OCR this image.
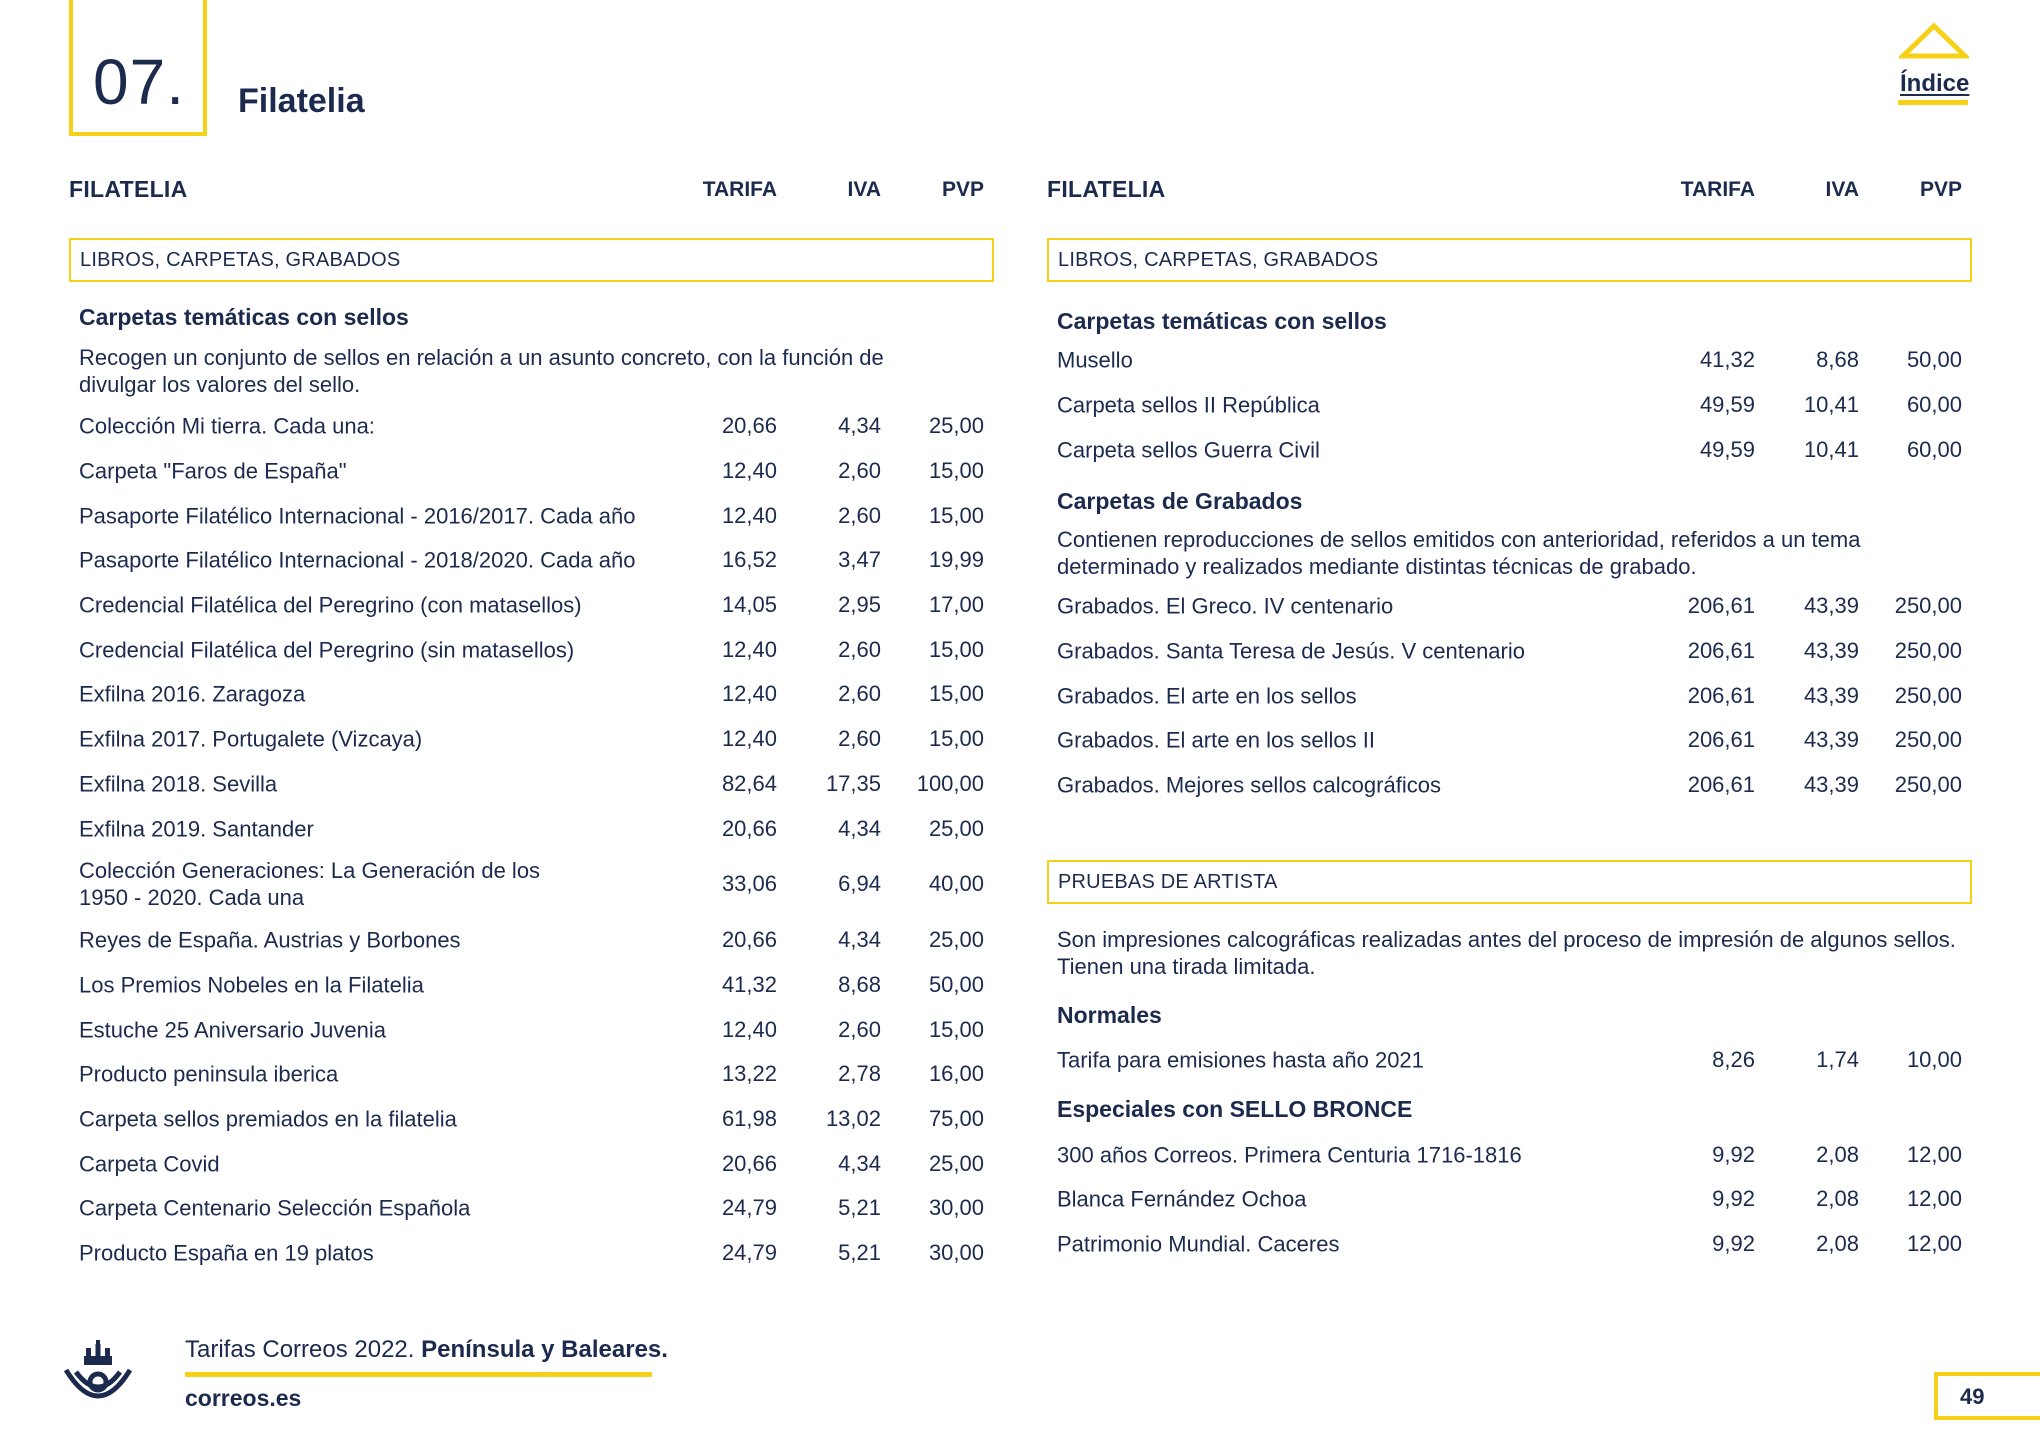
07. Filatelia	Índice
FILATELIA	TARIFA	IVA	PVP
LIBROS, CARPETAS, GRABADOS
Carpetas temáticas con sellos
Recogen un conjunto de sellos en relación a un asunto concreto, con la función de divulgar los valores del sello.
Colección Mi tierra. Cada una:	20,66	4,34 25,00
Carpeta "Faros de España"	12,40	2,60 15,00
Pasaporte Filatélico Internacional - 2016/2017. Cada año	12,40	2,60 15,00
Pasaporte Filatélico Internacional - 2018/2020. Cada año	16,52	3,47 19,99
Credencial Filatélica del Peregrino (con matasellos)	14,05	2,95 17,00
Credencial Filatélica del Peregrino (sin matasellos)	12,40	2,60 15,00
Exfilna 2016. Zaragoza	12,40	2,60 15,00
Exfilna 2017. Portugalete (Vizcaya)	12,40	2,60 15,00
Exfilna 2018. Sevilla	82,64 17,35 100,00
Exfilna 2019. Santander	20,66	4,34 25,00
Colección Generaciones: La Generación de los 1950 - 2020. Cada una
33,06	6,94 40,00
Reyes de España. Austrias y Borbones	20,66	4,34 25,00
Los Premios Nobeles en la Filatelia	41,32	8,68 50,00
Estuche 25 Aniversario Juvenia	12,40	2,60 15,00
Producto peninsula iberica	13,22	2,78 16,00
Carpeta sellos premiados en la filatelia	61,98 13,02 75,00
Carpeta Covid	20,66	4,34 25,00
Carpeta Centenario Selección Española	24,79	5,21 30,00
Producto España en 19 platos	24,79	5,21 30,00
FILATELIA	TARIFA	IVA	PVP
LIBROS, CARPETAS, GRABADOS
Carpetas temáticas con sellos
Musello	41,32	8,68 50,00
Carpeta sellos II República	49,59 10,41 60,00
Carpeta sellos Guerra Civil	49,59 10,41 60,00
Carpetas de Grabados
Contienen reproducciones de sellos emitidos con anterioridad, referidos a un tema determinado y realizados mediante distintas técnicas de grabado.
Grabados. El Greco. IV centenario	206,61 43,39 250,00
Grabados. Santa Teresa de Jesús. V centenario	206,61 43,39 250,00
Grabados. El arte en los sellos	206,61 43,39 250,00
Grabados. El arte en los sellos II	206,61 43,39 250,00
Grabados. Mejores sellos calcográficos	206,61 43,39 250,00
PRUEBAS DE ARTISTA
Son impresiones calcográficas realizadas antes del proceso de impresión de algunos sellos. Tienen una tirada limitada.
Normales
Tarifa para emisiones hasta año 2021	8,26	1,74 10,00
Especiales con SELLO BRONCE
300 años Correos. Primera Centuria 1716-1816	9,92	2,08 12,00
Blanca Fernández Ochoa	9,92	2,08 12,00
Patrimonio Mundial. Caceres	9,92	2,08 12,00
Tarifas Correos 2022. Península y Baleares.
correos.es	49
